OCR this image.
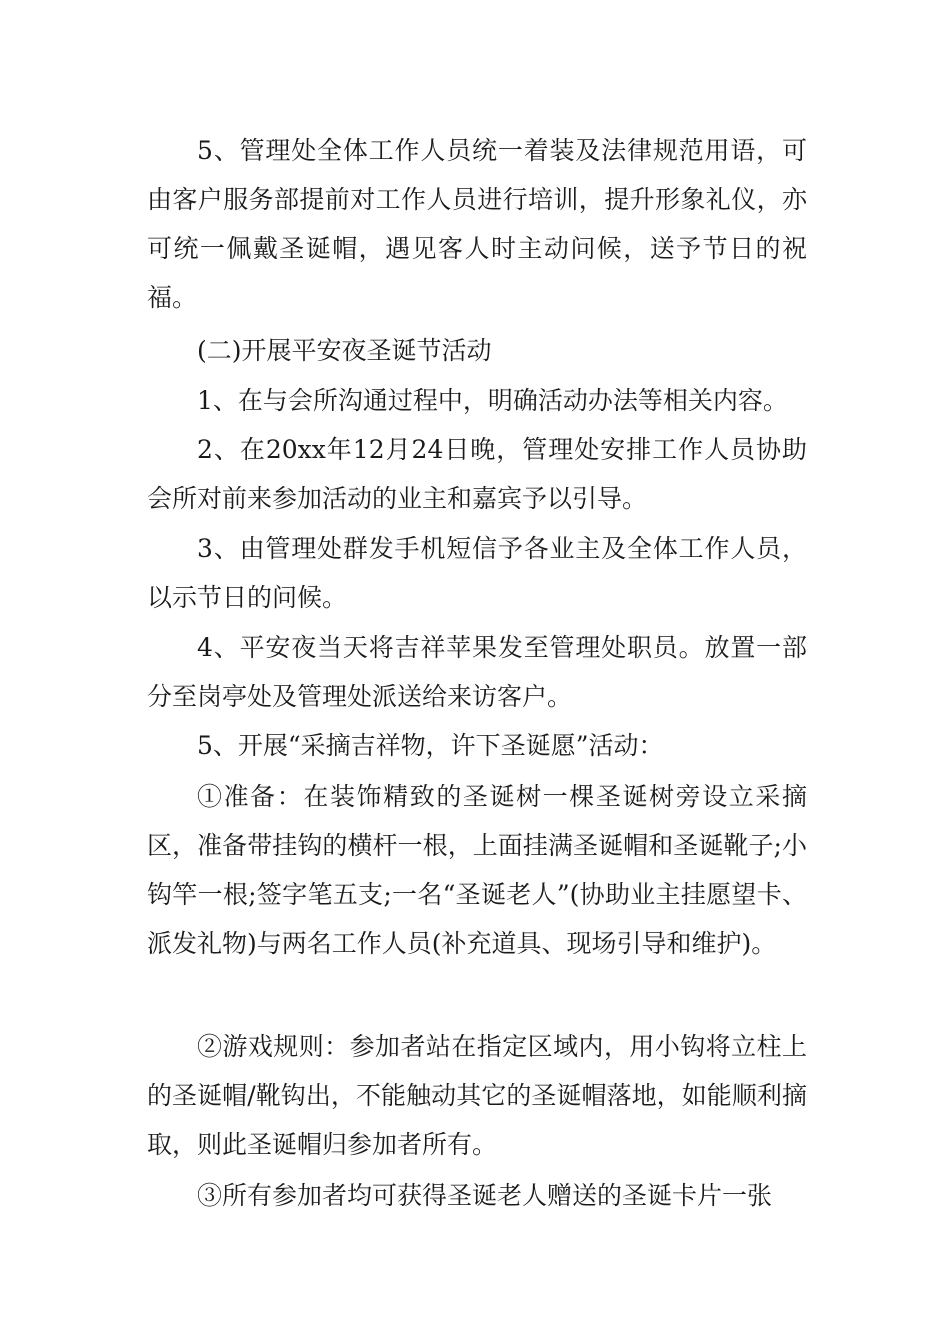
5、管理处全体工作人员统一着装及法律规范用语，可由客户服务部提前对工作人员进行培训，提升形象礼仪，亦可统一佩戴圣诞帽，遇见客人时主动问候，送予节日的祝福。

(二)开展平安夜圣诞节活动

1、在与会所沟通过程中，明确活动办法等相关内容。

2、在20xx年12月24日晚，管理处安排工作人员协助会所对前来参加活动的业主和嘉宾予以引导。

3、由管理处群发手机短信予各业主及全体工作人员，以示节日的问候。

4、平安夜当天将吉祥苹果发至管理处职员。放置一部分至岗亭处及管理处派送给来访客户。

5、开展“采摘吉祥物，许下圣诞愿”活动：

①准备：在装饰精致的圣诞树一棵圣诞树旁设立采摘区，准备带挂钩的横杆一根，上面挂满圣诞帽和圣诞靴子;小钩竿一根;签字笔五支;一名“圣诞老人”(协助业主挂愿望卡、派发礼物)与两名工作人员(补充道具、现场引导和维护)。

②游戏规则：参加者站在指定区域内，用小钩将立柱上的圣诞帽/靴钩出，不能触动其它的圣诞帽落地，如能顺利摘取，则此圣诞帽归参加者所有。

③所有参加者均可获得圣诞老人赠送的圣诞卡片一张
